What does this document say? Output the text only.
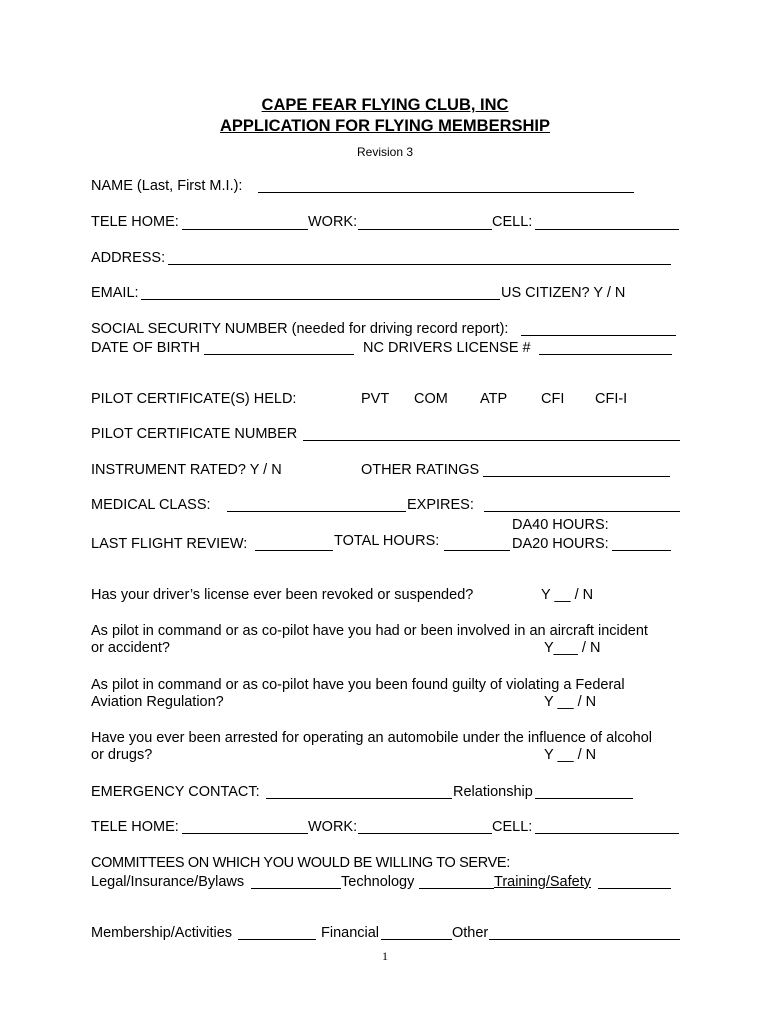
CAPE FEAR FLYING CLUB, INC
APPLICATION FOR FLYING MEMBERSHIP
Revision 3
NAME (Last, First M.I.):
TELE HOME:	WORK:	CELL:
ADDRESS:
EMAIL:	US CITIZEN? Y / N
SOCIAL SECURITY NUMBER (needed for driving record report):
DATE OF BIRTH	NC DRIVERS LICENSE #
PILOT CERTIFICATE(S) HELD:	PVT COM ATP CFI CFI-I
PILOT CERTIFICATE NUMBER
INSTRUMENT RATED? Y / N	OTHER RATINGS
MEDICAL CLASS:	EXPIRES:
DA40 HOURS:
LAST FLIGHT REVIEW:	TOTAL HOURS:	DA20 HOURS:
Has your driver’s license ever been revoked or suspended?	Y __ / N
As pilot in command or as co-pilot have you had or been involved in an aircraft incident
or accident?	Y___ / N
As pilot in command or as co-pilot have you been found guilty of violating a Federal
Aviation Regulation?	Y __ / N
Have you ever been arrested for operating an automobile under the influence of alcohol
or drugs?	Y __ / N
EMERGENCY CONTACT:	Relationship
TELE HOME:	WORK:	CELL:
COMMITTEES ON WHICH YOU WOULD BE WILLING TO SERVE:
Legal/Insurance/Bylaws	Technology	Training/Safety
Membership/Activities	Financial	Other
1
